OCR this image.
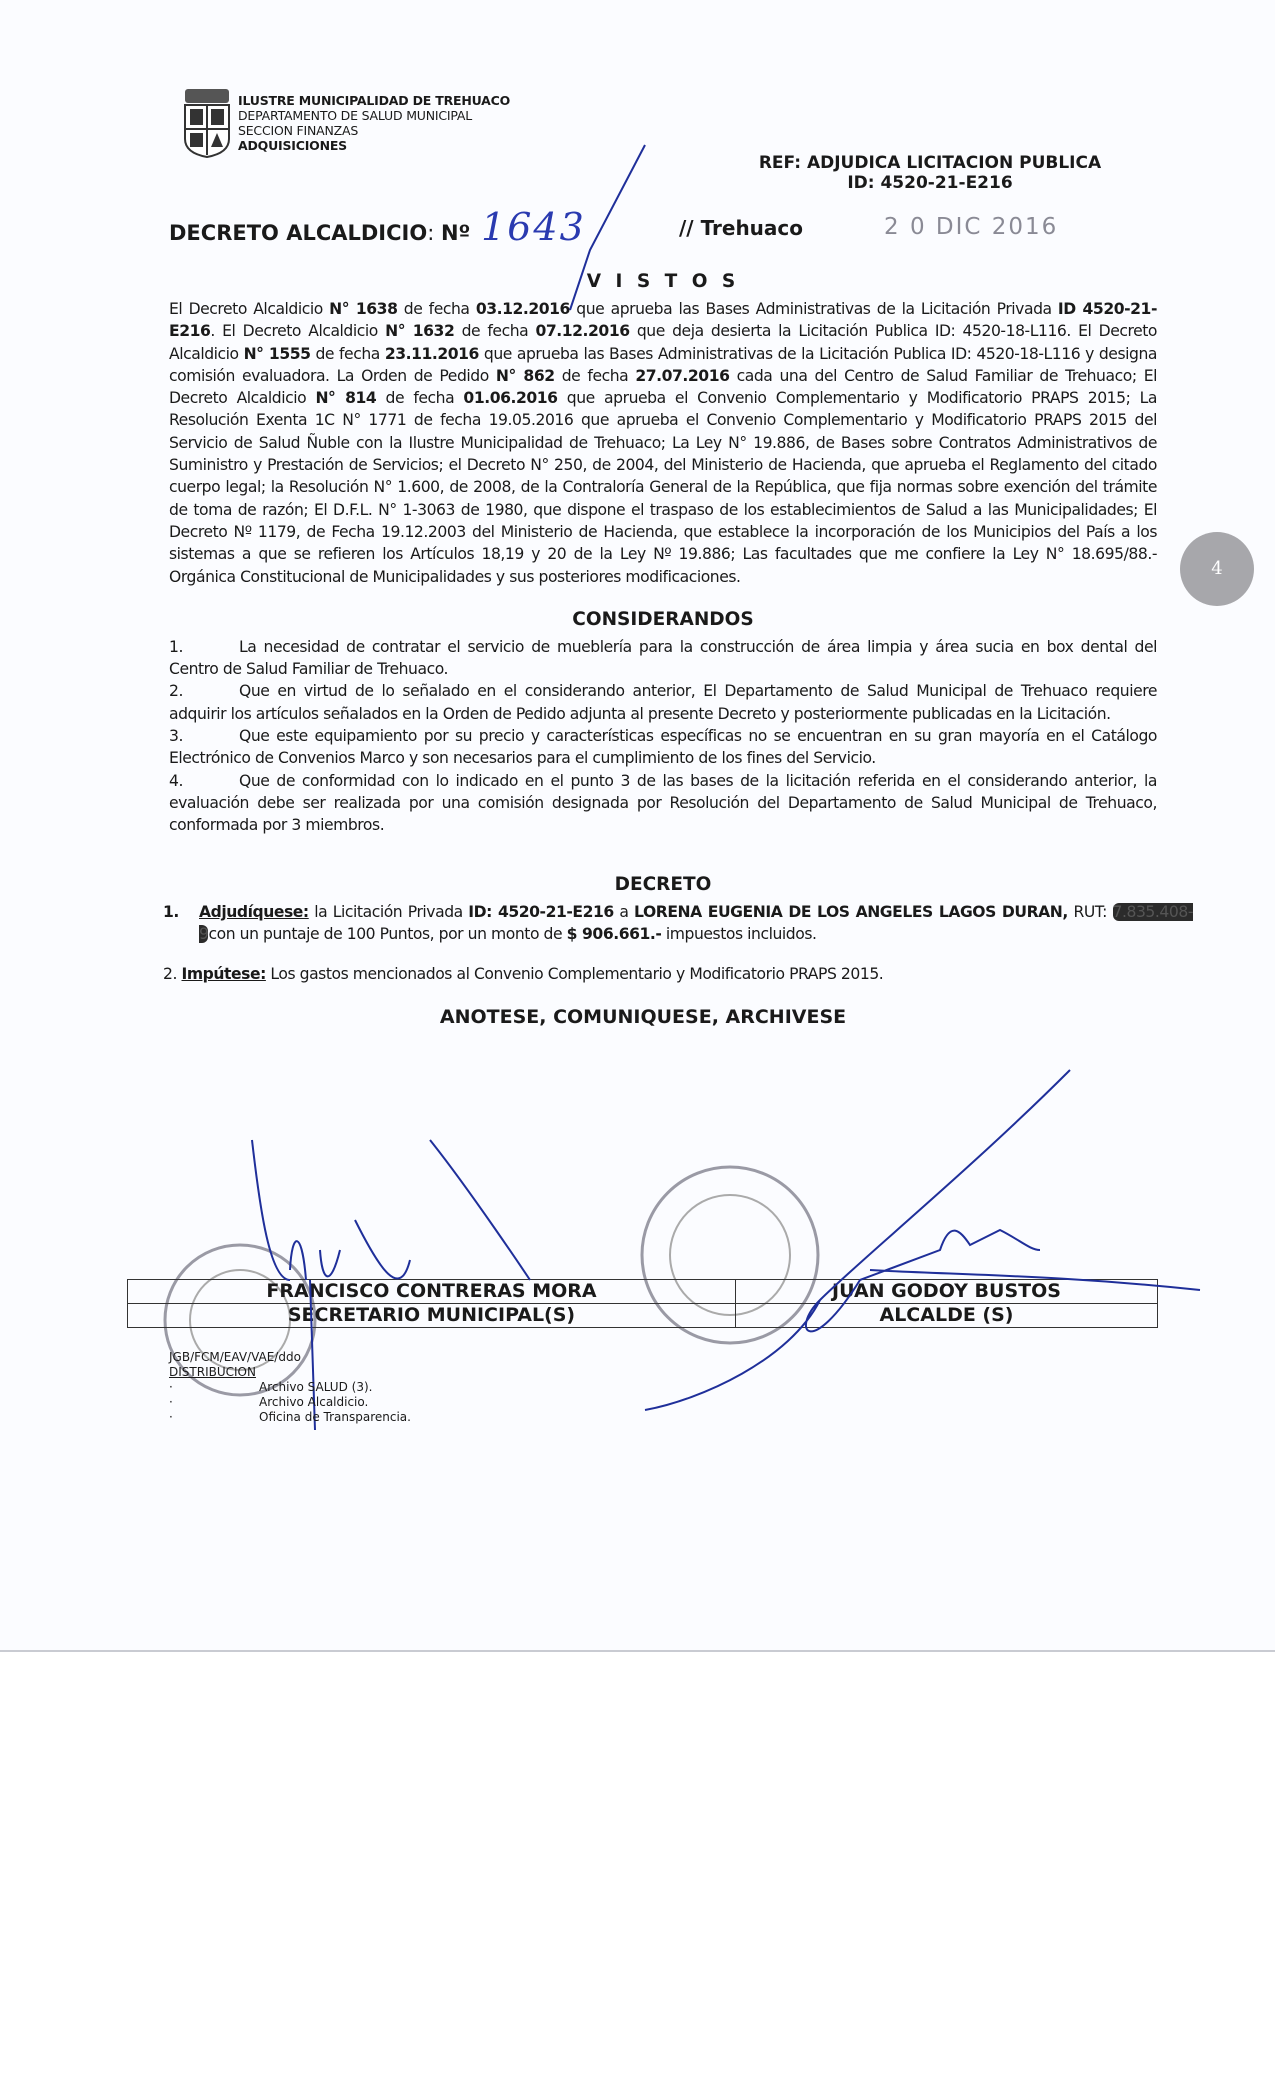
ILUSTRE MUNICIPALIDAD DE TREHUACO
DEPARTAMENTO DE SALUD MUNICIPAL
SECCION FINANZAS
ADQUISICIONES
REF: ADJUDICA LICITACION PUBLICA
ID: 4520-21-E216
DECRETO ALCALDICIO: Nº 1643	// Trehuaco	2 0 DIC 2016
4
V I S T O S

El Decreto Alcaldicio N° 1638 de fecha 03.12.2016 que aprueba las Bases Administrativas de la Licitación Privada ID 4520-21-E216. El Decreto Alcaldicio N° 1632 de fecha 07.12.2016 que deja desierta la Licitación Publica ID: 4520-18-L116. El Decreto Alcaldicio N° 1555 de fecha 23.11.2016 que aprueba las Bases Administrativas de la Licitación Publica ID: 4520-18-L116 y designa comisión evaluadora. La Orden de Pedido N° 862 de fecha 27.07.2016 cada una del Centro de Salud Familiar de Trehuaco; El Decreto Alcaldicio N° 814 de fecha 01.06.2016 que aprueba el Convenio Complementario y Modificatorio PRAPS 2015; La Resolución Exenta 1C N° 1771 de fecha 19.05.2016 que aprueba el Convenio Complementario y Modificatorio PRAPS 2015 del Servicio de Salud Ñuble con la Ilustre Municipalidad de Trehuaco; La Ley N° 19.886, de Bases sobre Contratos Administrativos de Suministro y Prestación de Servicios; el Decreto N° 250, de 2004, del Ministerio de Hacienda, que aprueba el Reglamento del citado cuerpo legal; la Resolución N° 1.600, de 2008, de la Contraloría General de la República, que fija normas sobre exención del trámite de toma de razón; El D.F.L. N° 1-3063 de 1980, que dispone el traspaso de los establecimientos de Salud a las Municipalidades; El Decreto Nº 1179, de Fecha 19.12.2003 del Ministerio de Hacienda, que establece la incorporación de los Municipios del País a los sistemas a que se refieren los Artículos 18,19 y 20 de la Ley Nº 19.886; Las facultades que me confiere la Ley N° 18.695/88.- Orgánica Constitucional de Municipalidades y sus posteriores modificaciones.

CONSIDERANDOS

1.	La necesidad de contratar el servicio de mueblería para la construcción de área limpia y área sucia en box dental del Centro de Salud Familiar de Trehuaco.

2.	Que en virtud de lo señalado en el considerando anterior, El Departamento de Salud Municipal de Trehuaco requiere adquirir los artículos señalados en la Orden de Pedido adjunta al presente Decreto y posteriormente publicadas en la Licitación.

3.	Que este equipamiento por su precio y características específicas no se encuentran en su gran mayoría en el Catálogo Electrónico de Convenios Marco y son necesarios para el cumplimiento de los fines del Servicio.

4.	Que de conformidad con lo indicado en el punto 3 de las bases de la licitación referida en el considerando anterior, la evaluación debe ser realizada por una comisión designada por Resolución del Departamento de Salud Municipal de Trehuaco, conformada por 3 miembros.

DECRETO

1. Adjudíquese: la Licitación Privada ID: 4520-21-E216 a LORENA EUGENIA DE LOS ANGELES LAGOS DURAN, RUT: 7.835.408-9con un puntaje de 100 Puntos, por un monto de $ 906.661.- impuestos incluidos.

2. Impútese: Los gastos mencionados al Convenio Complementario y Modificatorio PRAPS 2015.

ANOTESE, COMUNIQUESE, ARCHIVESE
FRANCISCO CONTRERAS MORA	JUAN GODOY BUSTOS
SECRETARIO MUNICIPAL(S)	ALCALDE (S)
JGB/FCM/EAV/VAE/ddo
DISTRIBUCION
·	Archivo SALUD (3).
·	Archivo Alcaldicio.
·	Oficina de Transparencia.
